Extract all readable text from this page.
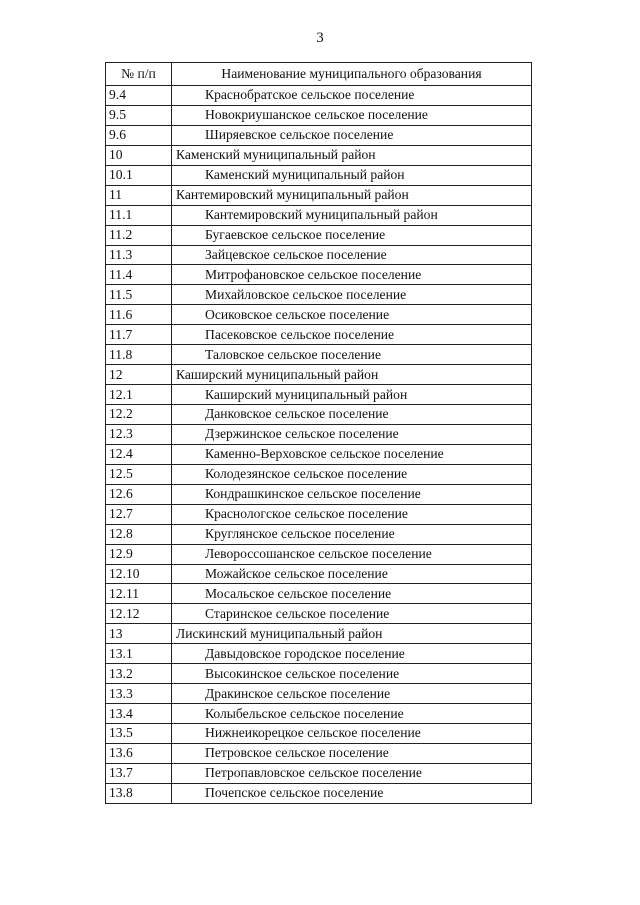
3
№ п/п	Наименование муниципального образования
9.4	Краснобратское сельское поселение
9.5	Новокриушанское сельское поселение
9.6	Ширяевское сельское поселение
10	Каменский муниципальный район
10.1	Каменский муниципальный район
11	Кантемировский муниципальный район
11.1	Кантемировский муниципальный район
11.2	Бугаевское сельское поселение
11.3	Зайцевское сельское поселение
11.4	Митрофановское сельское поселение
11.5	Михайловское сельское поселение
11.6	Осиковское сельское поселение
11.7	Пасековское сельское поселение
11.8	Таловское сельское поселение
12	Каширский муниципальный район
12.1	Каширский муниципальный район
12.2	Данковское сельское поселение
12.3	Дзержинское сельское поселение
12.4	Каменно-Верховское сельское поселение
12.5	Колодезянское сельское поселение
12.6	Кондрашкинское сельское поселение
12.7	Краснологское сельское поселение
12.8	Круглянское сельское поселение
12.9	Левороссошанское сельское поселение
12.10	Можайское сельское поселение
12.11	Мосальское сельское поселение
12.12	Старинское сельское поселение
13	Лискинский муниципальный район
13.1	Давыдовское городское поселение
13.2	Высокинское сельское поселение
13.3	Дракинское сельское поселение
13.4	Колыбельское сельское поселение
13.5	Нижнеикорецкое сельское поселение
13.6	Петровское сельское поселение
13.7	Петропавловское сельское поселение
13.8	Почепское сельское поселение
